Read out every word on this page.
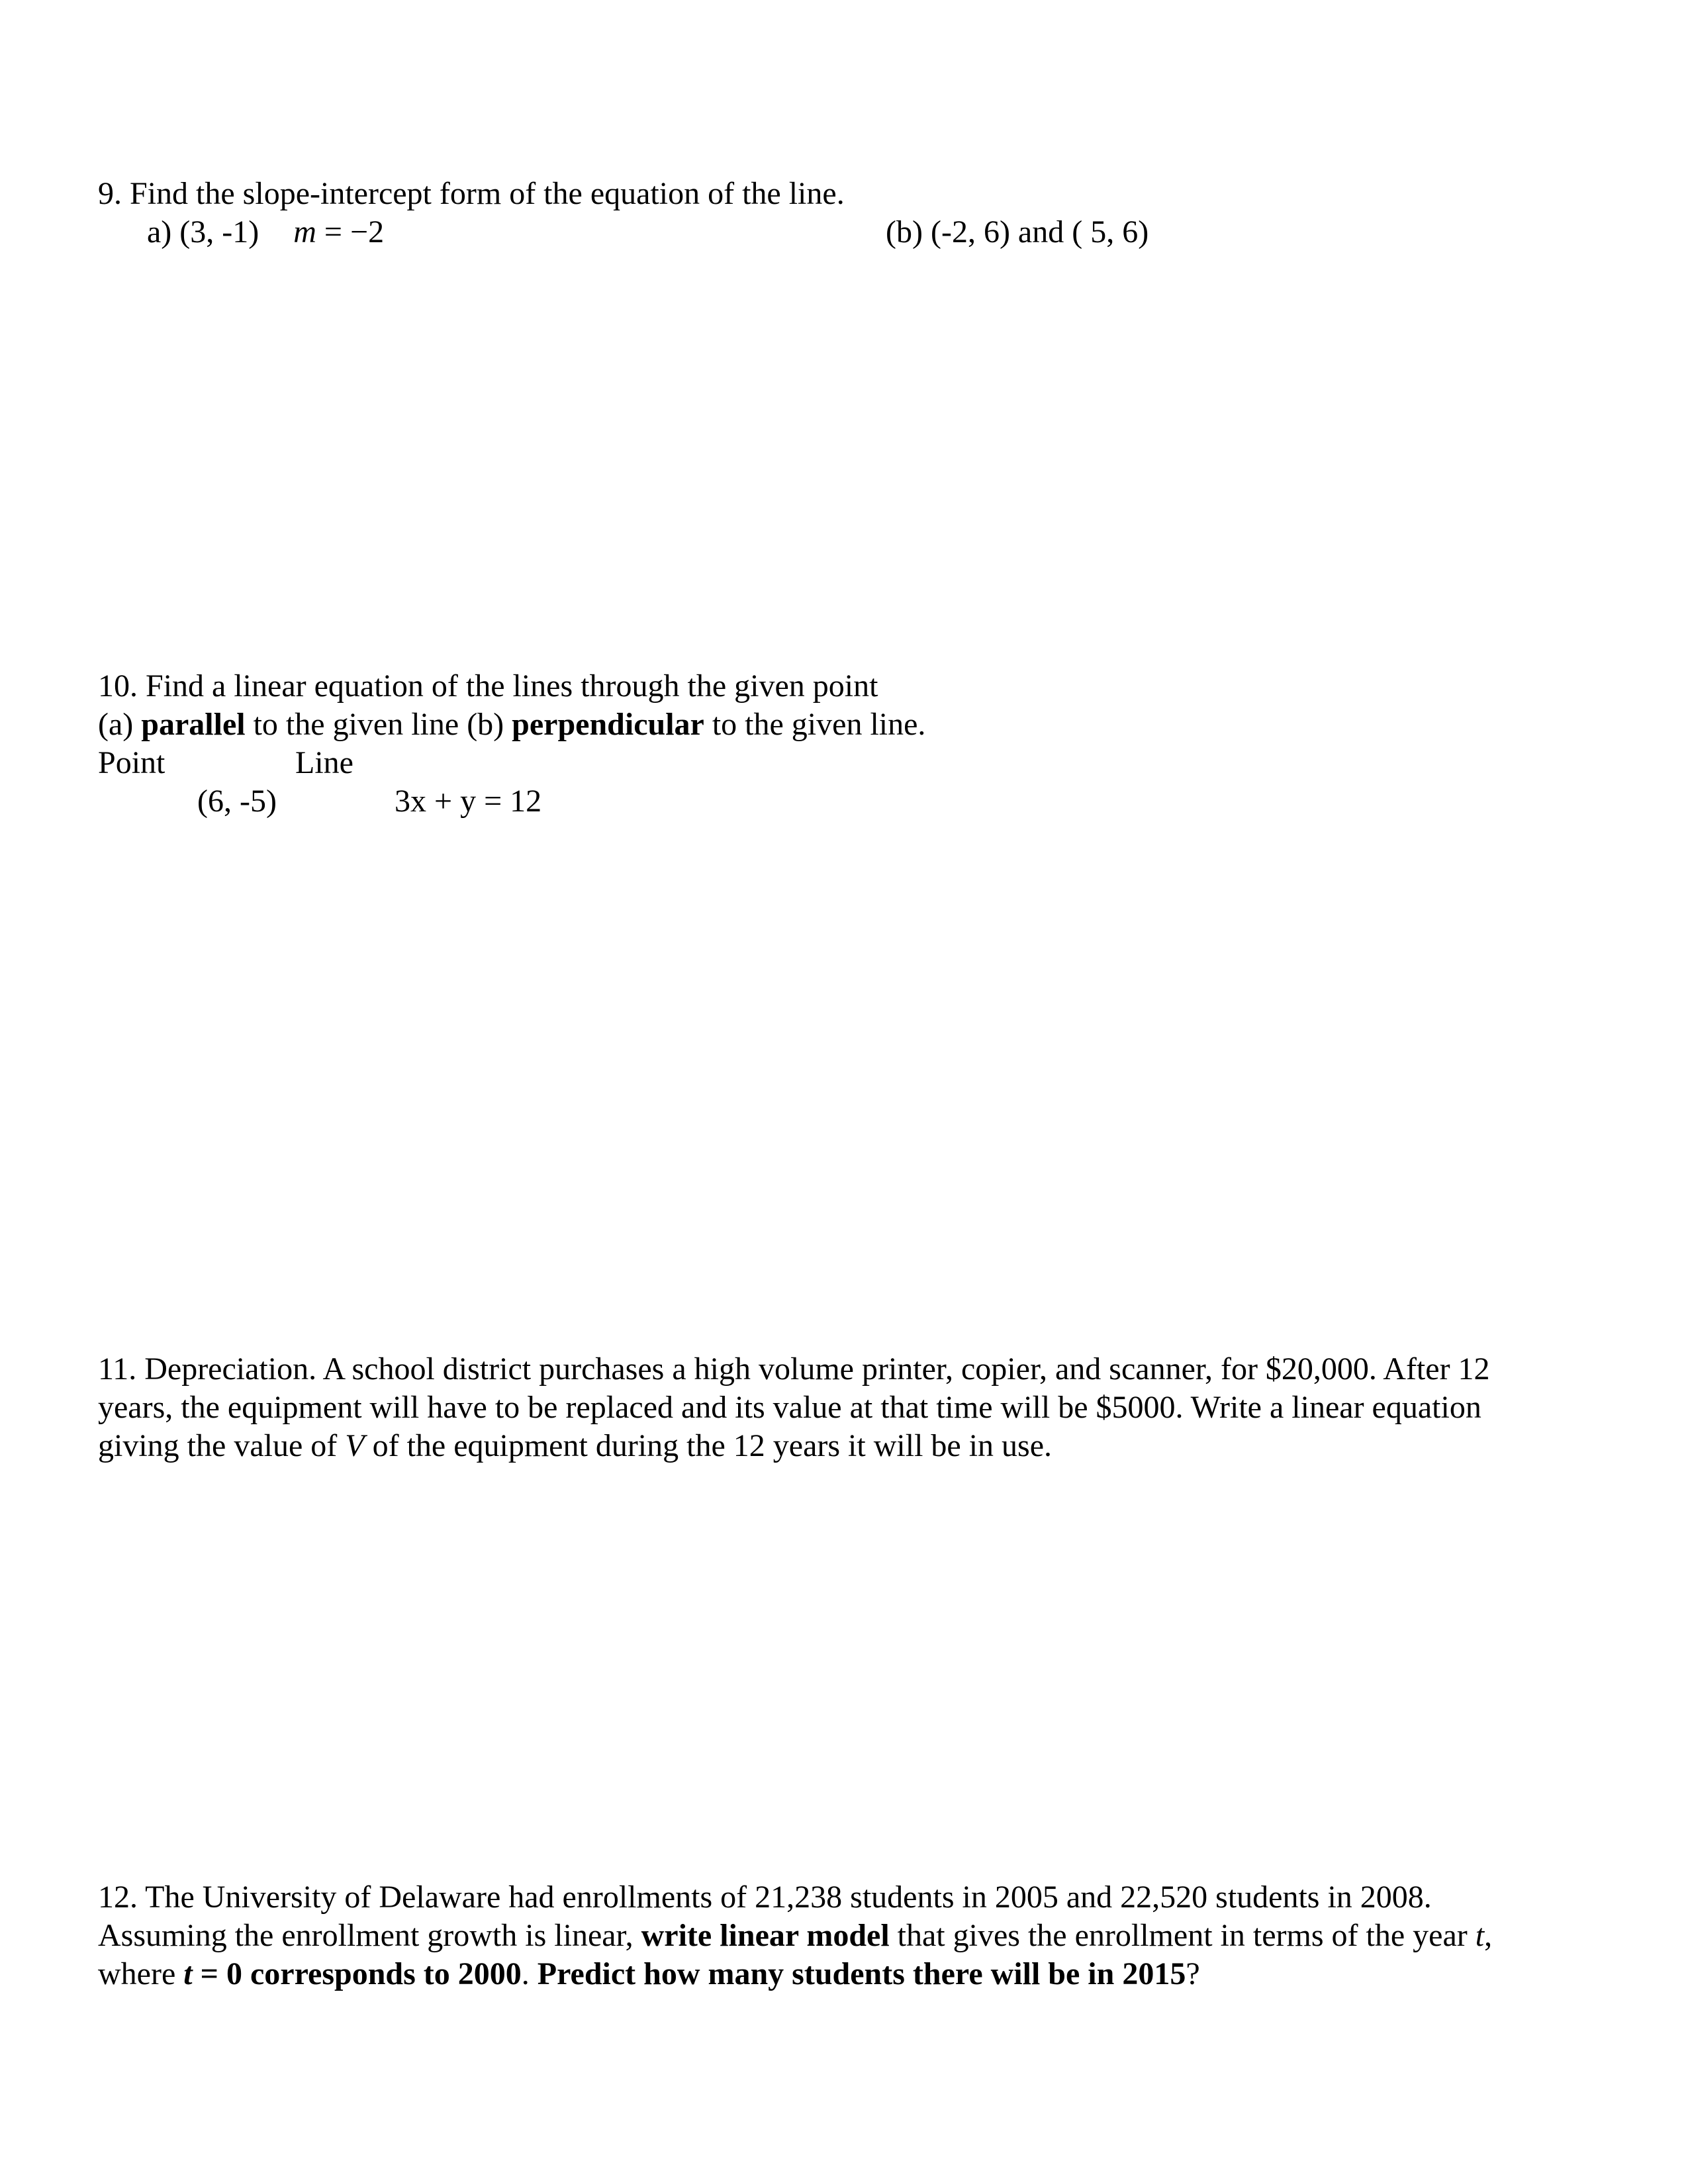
9. Find the slope-intercept form of the equation of the line.
a) (3, -1) m = −2	(b) (-2, 6) and ( 5, 6)
10. Find a linear equation of the lines through the given point
(a) parallel to the given line (b) perpendicular to the given line.
Point	Line
(6, -5)	3x + y = 12
11. Depreciation. A school district purchases a high volume printer, copier, and scanner, for $20,000. After 12
years, the equipment will have to be replaced and its value at that time will be $5000. Write a linear equation
giving the value of V of the equipment during the 12 years it will be in use.
12. The University of Delaware had enrollments of 21,238 students in 2005 and 22,520 students in 2008.
Assuming the enrollment growth is linear, write linear model that gives the enrollment in terms of the year t,
where t = 0 corresponds to 2000. Predict how many students there will be in 2015?
